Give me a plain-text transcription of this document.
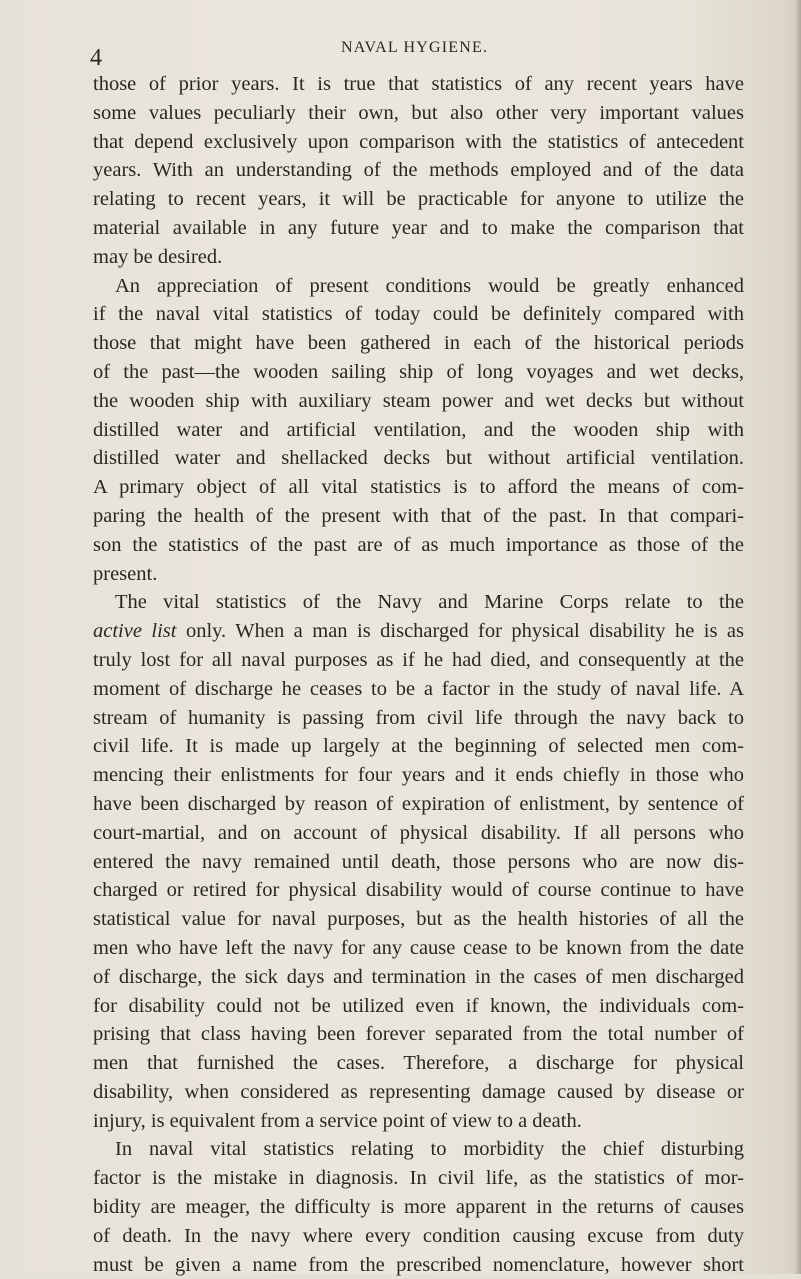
4	NAVAL HYGIENE.
those of prior years. It is true that statistics of any recent years have
some values peculiarly their own, but also other very important values
that depend exclusively upon comparison with the statistics of antecedent
years. With an understanding of the methods employed and of the data
relating to recent years, it will be practicable for anyone to utilize the
material available in any future year and to make the comparison that
may be desired.
An appreciation of present conditions would be greatly enhanced
if the naval vital statistics of today could be definitely compared with
those that might have been gathered in each of the historical periods
of the past—the wooden sailing ship of long voyages and wet decks,
the wooden ship with auxiliary steam power and wet decks but without
distilled water and artificial ventilation, and the wooden ship with
distilled water and shellacked decks but without artificial ventilation.
A primary object of all vital statistics is to afford the means of com-
paring the health of the present with that of the past. In that compari-
son the statistics of the past are of as much importance as those of the
present.
The vital statistics of the Navy and Marine Corps relate to the
active list only. When a man is discharged for physical disability he is as
truly lost for all naval purposes as if he had died, and consequently at the
moment of discharge he ceases to be a factor in the study of naval life. A
stream of humanity is passing from civil life through the navy back to
civil life. It is made up largely at the beginning of selected men com-
mencing their enlistments for four years and it ends chiefly in those who
have been discharged by reason of expiration of enlistment, by sentence of
court-martial, and on account of physical disability. If all persons who
entered the navy remained until death, those persons who are now dis-
charged or retired for physical disability would of course continue to have
statistical value for naval purposes, but as the health histories of all the
men who have left the navy for any cause cease to be known from the date
of discharge, the sick days and termination in the cases of men discharged
for disability could not be utilized even if known, the individuals com-
prising that class having been forever separated from the total number of
men that furnished the cases. Therefore, a discharge for physical
disability, when considered as representing damage caused by disease or
injury, is equivalent from a service point of view to a death.
In naval vital statistics relating to morbidity the chief disturbing
factor is the mistake in diagnosis. In civil life, as the statistics of mor-
bidity are meager, the difficulty is more apparent in the returns of causes
of death. In the navy where every condition causing excuse from duty
must be given a name from the prescribed nomenclature, however short
